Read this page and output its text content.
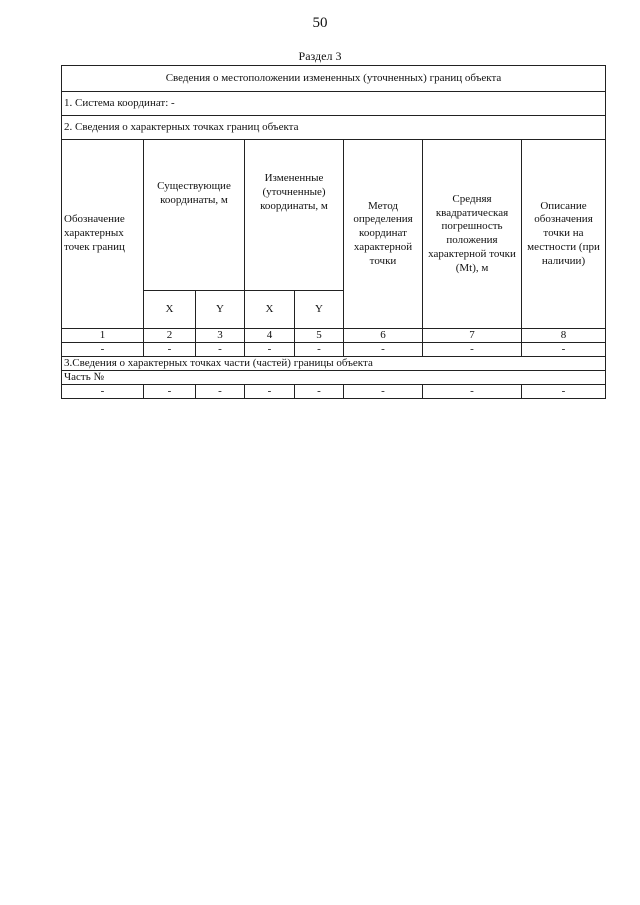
50
Раздел 3
Сведения о местоположении измененных (уточненных) границ объекта							
1. Система координат: -							
2. Сведения о характерных точках границ объекта							
Обозначение характерных точек границ	Существующие координаты, м		Измененные (уточненные) координаты, м		Метод определения координат характерной точки	Средняя квадратическая погрешность положения характерной точки (Mt), м	Описание обозначения точки на местности (при наличии)
	X	Y	X	Y			
1	2	3	4	5	6	7	8
-	-	-	-	-	-	-	-
3.Сведения о характерных точках части (частей) границы объекта							
Часть №							
-	-	-	-	-	-	-	-
